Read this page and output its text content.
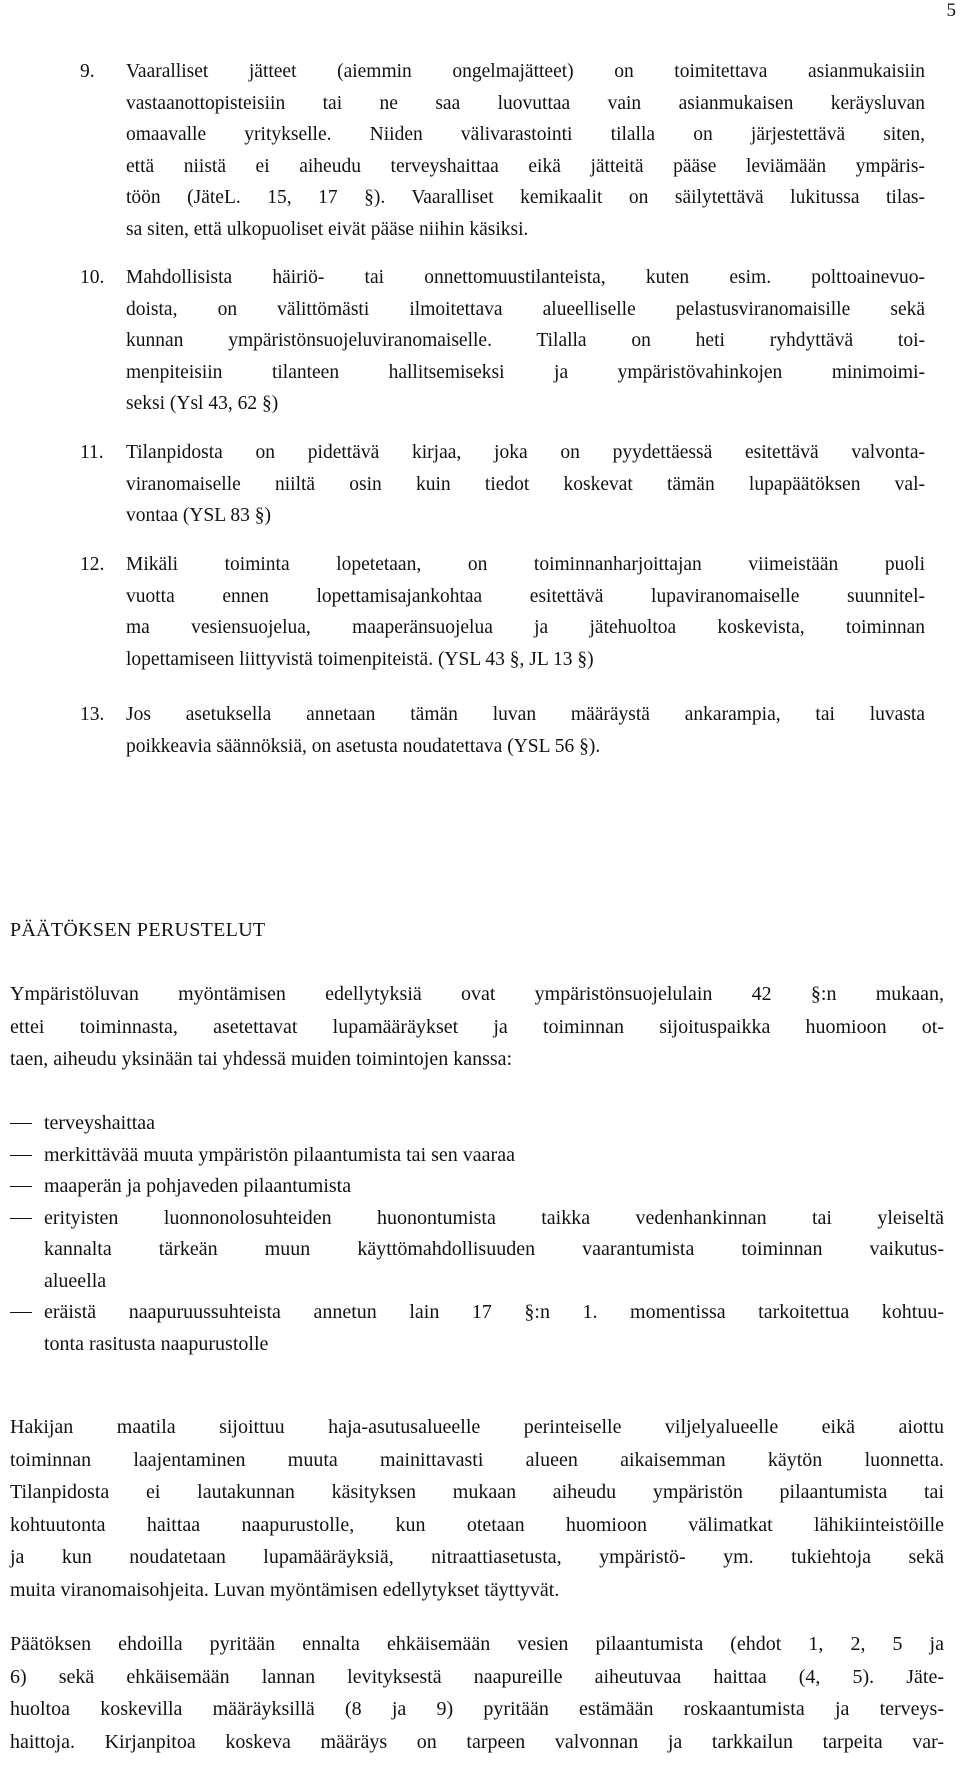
5
9. Vaaralliset jätteet (aiemmin ongelmajätteet) on toimitettava asianmukaisiin
vastaanottopisteisiin tai ne saa luovuttaa vain asianmukaisen keräysluvan
omaavalle yritykselle. Niiden välivarastointi tilalla on järjestettävä siten,
että niistä ei aiheudu terveyshaittaa eikä jätteitä pääse leviämään ympäris-
töön (JäteL. 15, 17 §). Vaaralliset kemikaalit on säilytettävä lukitussa tilas-
sa siten, että ulkopuoliset eivät pääse niihin käsiksi.
10. Mahdollisista häiriö- tai onnettomuustilanteista, kuten esim. polttoainevuo-
doista, on välittömästi ilmoitettava alueelliselle pelastusviranomaisille sekä
kunnan ympäristönsuojeluviranomaiselle. Tilalla on heti ryhdyttävä toi-
menpiteisiin tilanteen hallitsemiseksi ja ympäristövahinkojen minimoimi-
seksi (Ysl 43, 62 §)
11. Tilanpidosta on pidettävä kirjaa, joka on pyydettäessä esitettävä valvonta-
viranomaiselle niiltä osin kuin tiedot koskevat tämän lupapäätöksen val-
vontaa (YSL 83 §)
12. Mikäli toiminta lopetetaan, on toiminnanharjoittajan viimeistään puoli
vuotta ennen lopettamisajankohtaa esitettävä lupaviranomaiselle suunnitel-
ma vesiensuojelua, maaperänsuojelua ja jätehuoltoa koskevista, toiminnan
lopettamiseen liittyvistä toimenpiteistä. (YSL 43 §, JL 13 §)
13. Jos asetuksella annetaan tämän luvan määräystä ankarampia, tai luvasta
poikkeavia säännöksiä, on asetusta noudatettava (YSL 56 §).
PÄÄTÖKSEN PERUSTELUT
Ympäristöluvan myöntämisen edellytyksiä ovat ympäristönsuojelulain 42 §:n mukaan,
ettei toiminnasta, asetettavat lupamääräykset ja toiminnan sijoituspaikka huomioon ot-
taen, aiheudu yksinään tai yhdessä muiden toimintojen kanssa:
terveyshaittaa
merkittävää muuta ympäristön pilaantumista tai sen vaaraa
maaperän ja pohjaveden pilaantumista
erityisten luonnonolosuhteiden huonontumista taikka vedenhankinnan tai yleiseltä
kannalta tärkeän muun käyttömahdollisuuden vaarantumista toiminnan vaikutus-
alueella
eräistä naapuruussuhteista annetun lain 17 §:n 1. momentissa tarkoitettua kohtuu-
tonta rasitusta naapurustolle
Hakijan maatila sijoittuu haja-asutusalueelle perinteiselle viljelyalueelle eikä aiottu
toiminnan laajentaminen muuta mainittavasti alueen aikaisemman käytön luonnetta.
Tilanpidosta ei lautakunnan käsityksen mukaan aiheudu ympäristön pilaantumista tai
kohtuutonta haittaa naapurustolle, kun otetaan huomioon välimatkat lähikiinteistöille
ja kun noudatetaan lupamääräyksiä, nitraattiasetusta, ympäristö- ym. tukiehtoja sekä
muita viranomaisohjeita. Luvan myöntämisen edellytykset täyttyvät.
Päätöksen ehdoilla pyritään ennalta ehkäisemään vesien pilaantumista (ehdot 1, 2, 5 ja
6) sekä ehkäisemään lannan levityksestä naapureille aiheutuvaa haittaa (4, 5). Jäte-
huoltoa koskevilla määräyksillä (8 ja 9) pyritään estämään roskaantumista ja terveys-
haittoja. Kirjanpitoa koskeva määräys on tarpeen valvonnan ja tarkkailun tarpeita var-
